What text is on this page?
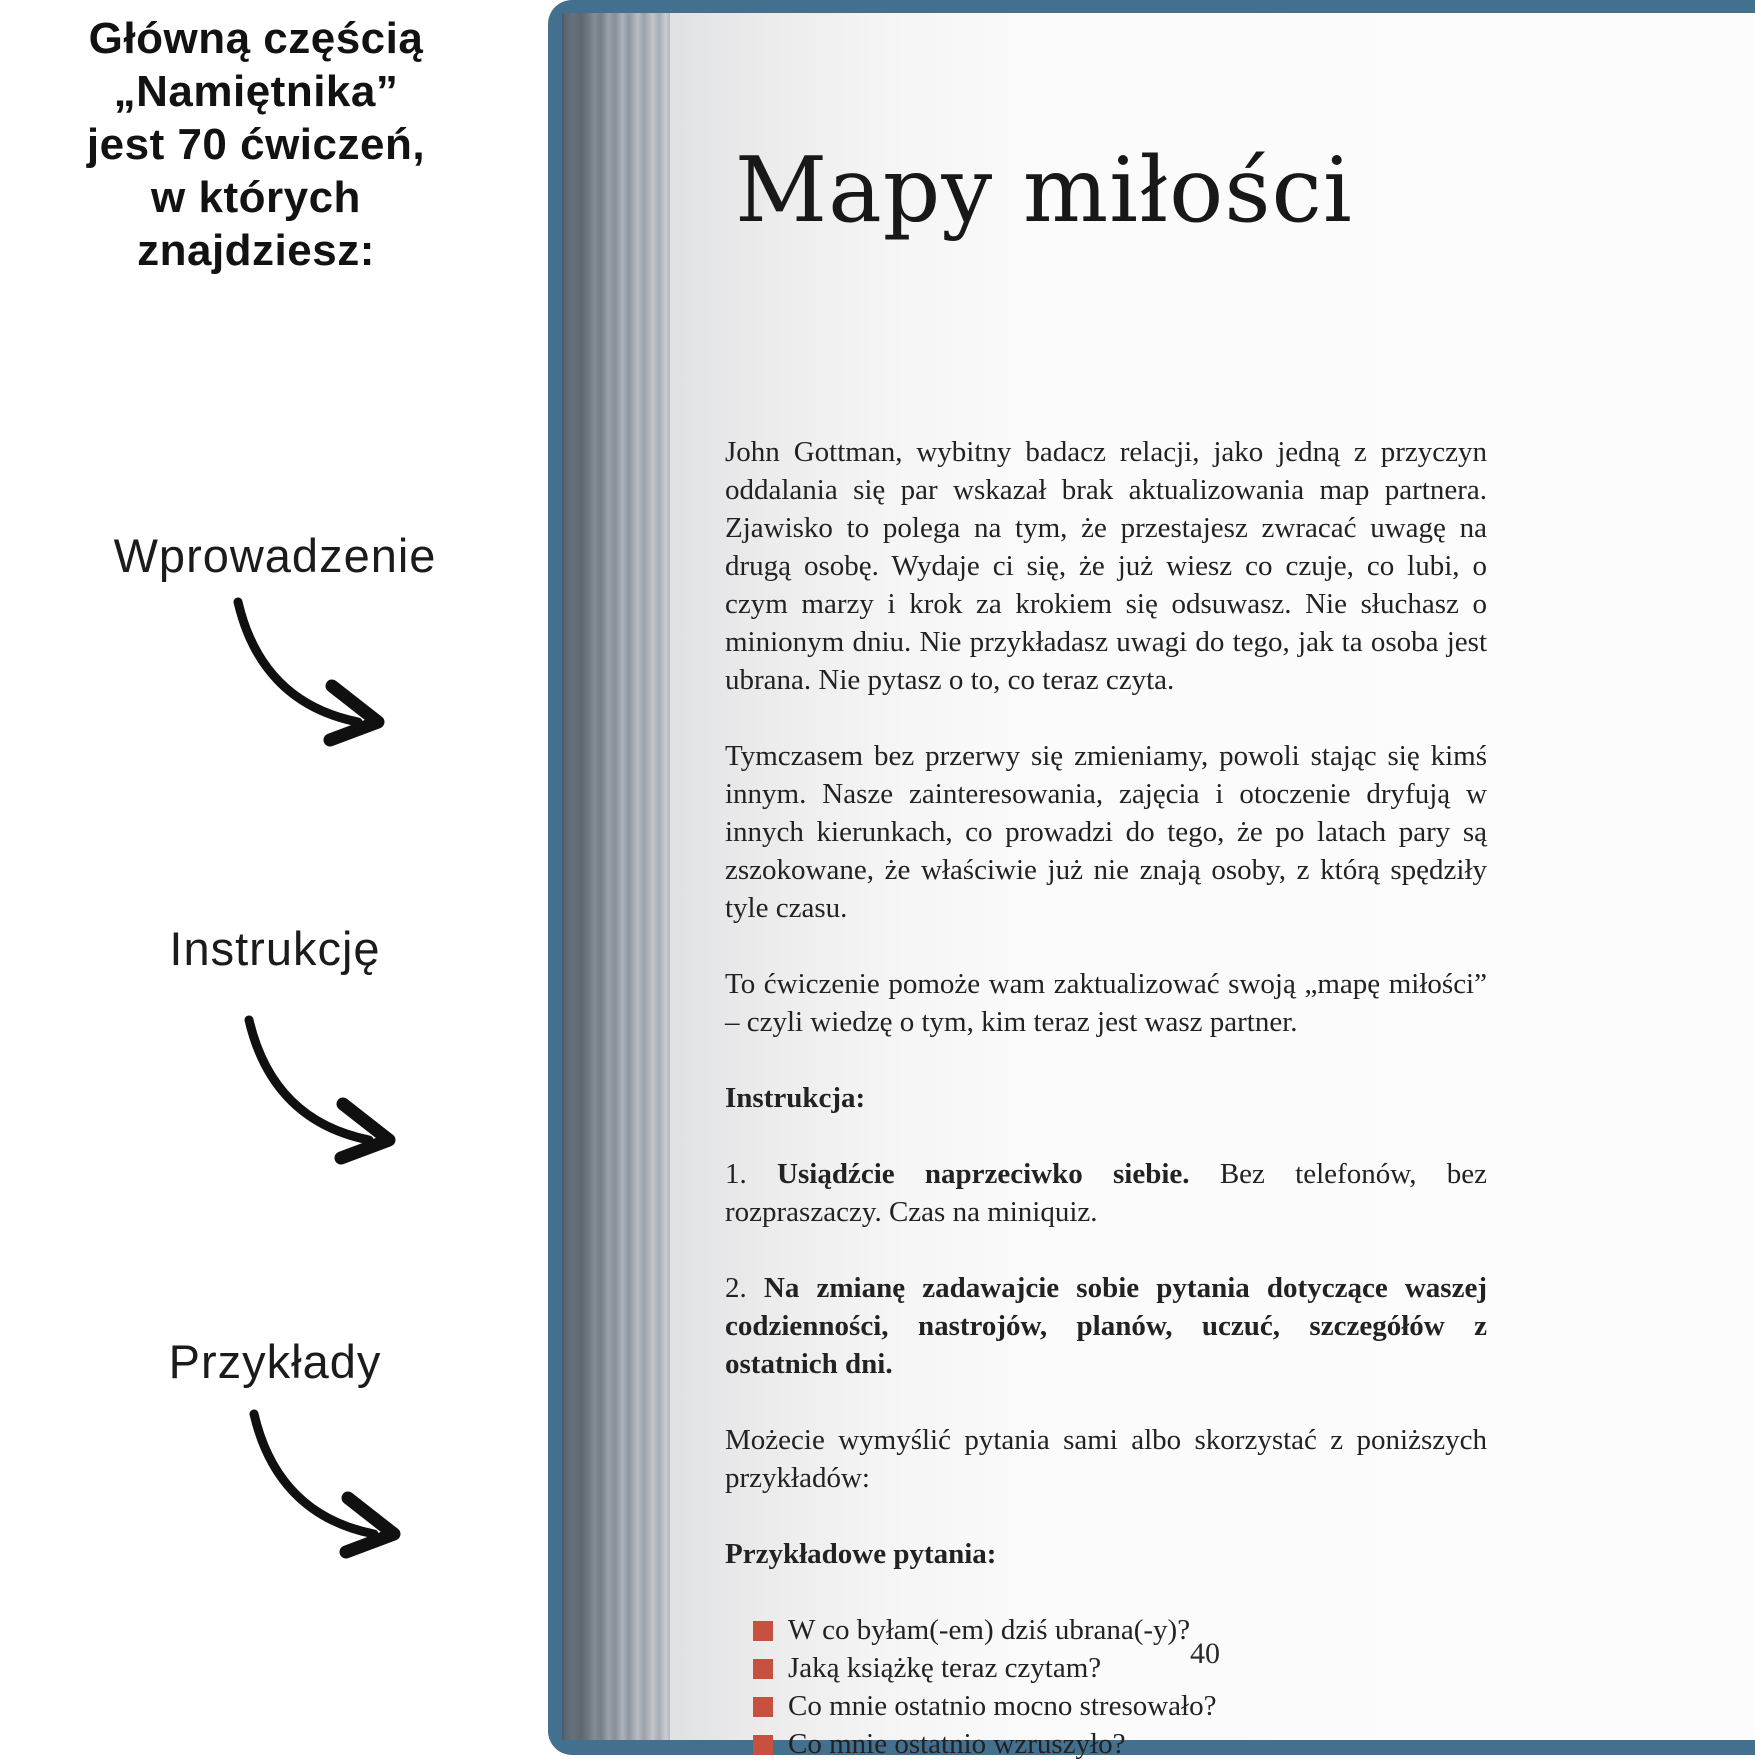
Główną częścią
„Namiętnika”
jest 70 ćwiczeń,
w których
znajdziesz:
Wprowadzenie
Instrukcję
Przykłady
Mapy miłości

John Gottman, wybitny badacz relacji, jako jedną z przyczyn oddalania się par wskazał brak aktualizowania map partnera. Zjawisko to polega na tym, że przestajesz zwracać uwagę na drugą osobę. Wydaje ci się, że już wiesz co czuje, co lubi, o czym marzy i krok za krokiem się odsuwasz. Nie słuchasz o minionym dniu. Nie przykładasz uwagi do tego, jak ta osoba jest ubrana. Nie pytasz o to, co teraz czyta.

Tymczasem bez przerwy się zmieniamy, powoli stając się kimś innym. Nasze zainteresowania, zajęcia i otoczenie dryfują w innych kierunkach, co prowadzi do tego, że po latach pary są zszokowane, że właściwie już nie znają osoby, z którą spędziły tyle czasu.

To ćwiczenie pomoże wam zaktualizować swoją „mapę miłości” – czyli wiedzę o tym, kim teraz jest wasz partner.

Instrukcja:

1. Usiądźcie naprzeciwko siebie. Bez telefonów, bez rozpraszaczy. Czas na miniquiz.

2. Na zmianę zadawajcie sobie pytania dotyczące waszej codzienności, nastrojów, planów, uczuć, szczegółów z ostatnich dni.

Możecie wymyślić pytania sami albo skorzystać z poniższych przykładów:

Przykładowe pytania:

W co byłam(-em) dziś ubrana(-y)?
Jaką książkę teraz czytam?
Co mnie ostatnio mocno stresowało?
Co mnie ostatnio wzruszyło?
40
